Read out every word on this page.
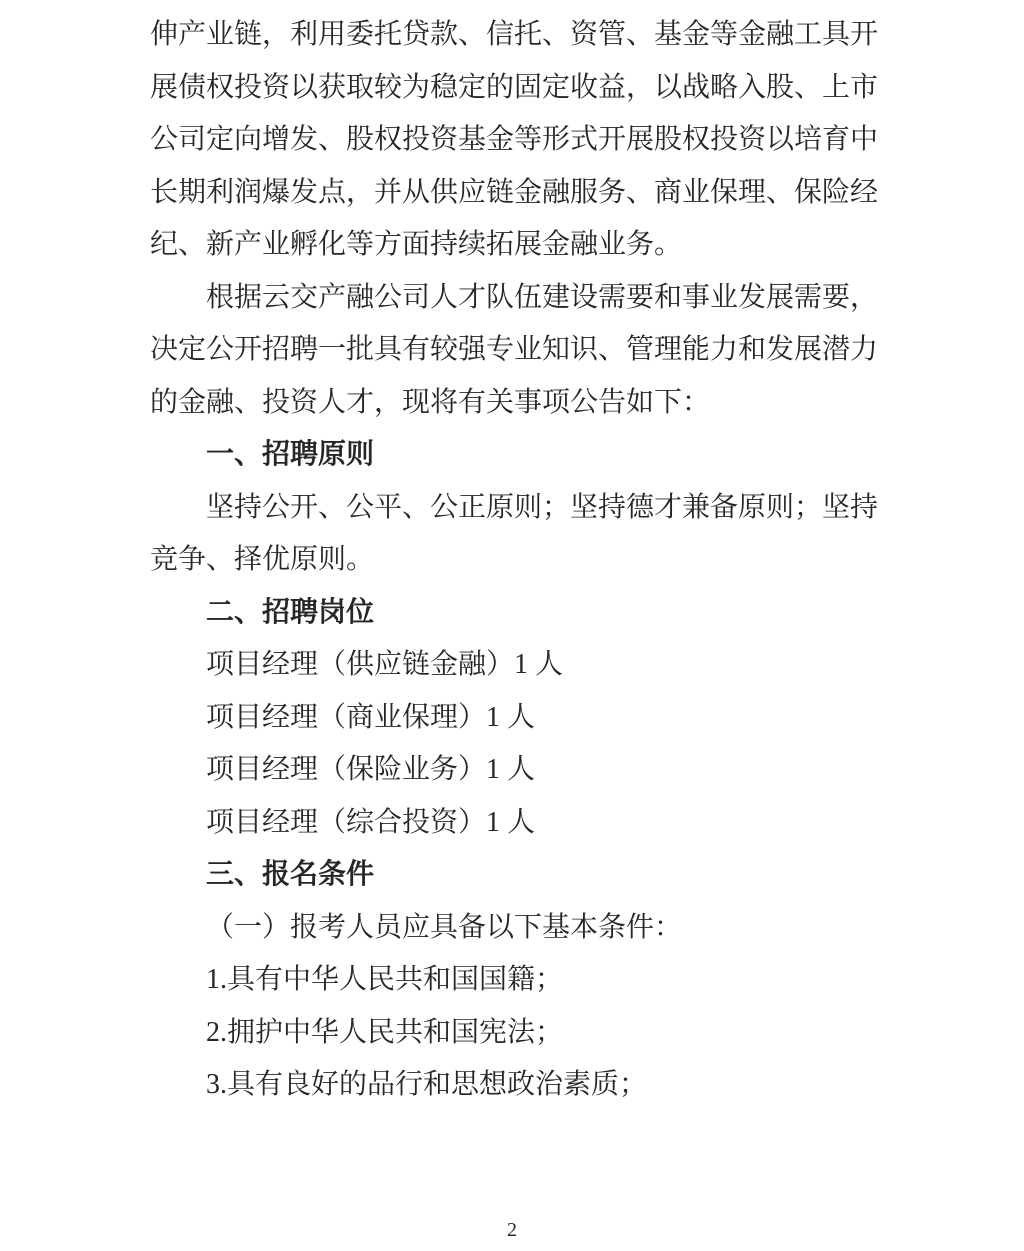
伸产业链，利用委托贷款、信托、资管、基金等金融工具开展债权投资以获取较为稳定的固定收益，以战略入股、上市公司定向增发、股权投资基金等形式开展股权投资以培育中长期利润爆发点，并从供应链金融服务、商业保理、保险经纪、新产业孵化等方面持续拓展金融业务。

根据云交产融公司人才队伍建设需要和事业发展需要，决定公开招聘一批具有较强专业知识、管理能力和发展潜力的金融、投资人才，现将有关事项公告如下：

一、招聘原则

坚持公开、公平、公正原则；坚持德才兼备原则；坚持竞争、择优原则。

二、招聘岗位

项目经理（供应链金融）1 人

项目经理（商业保理）1 人

项目经理（保险业务）1 人

项目经理（综合投资）1 人

三、报名条件

（一）报考人员应具备以下基本条件：

1.具有中华人民共和国国籍；

2.拥护中华人民共和国宪法；

3.具有良好的品行和思想政治素质；

2
